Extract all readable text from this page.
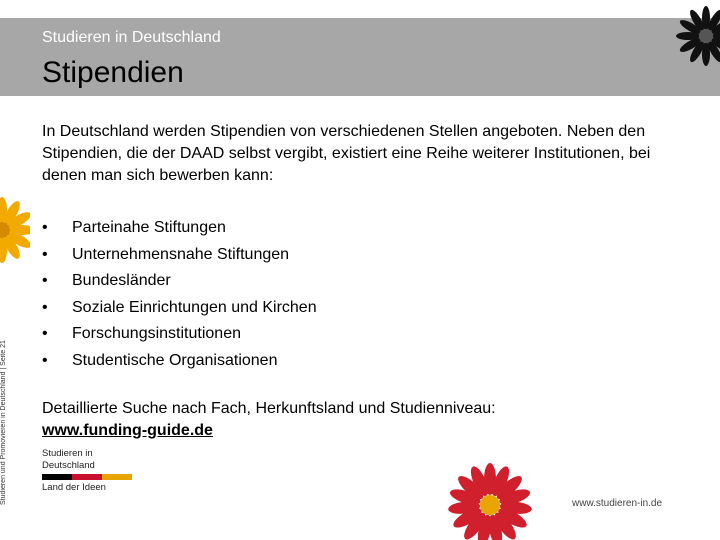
Studieren in Deutschland
Stipendien
Studieren und Promovieren in Deutschland | Seite 21
In Deutschland werden Stipendien von verschiedenen Stellen angeboten. Neben den Stipendien, die der DAAD selbst vergibt, existiert eine Reihe weiterer Institutionen, bei denen man sich bewerben kann:
• Parteinahe Stiftungen
• Unternehmensnahe Stiftungen
• Bundesländer
• Soziale Einrichtungen und Kirchen
• Forschungsinstitutionen
• Studentische Organisationen
Detaillierte Suche nach Fach, Herkunftsland und Studienniveau:
www.funding-guide.de
Studieren in
Deutschland
Land der Ideen
www.studieren-in.de
